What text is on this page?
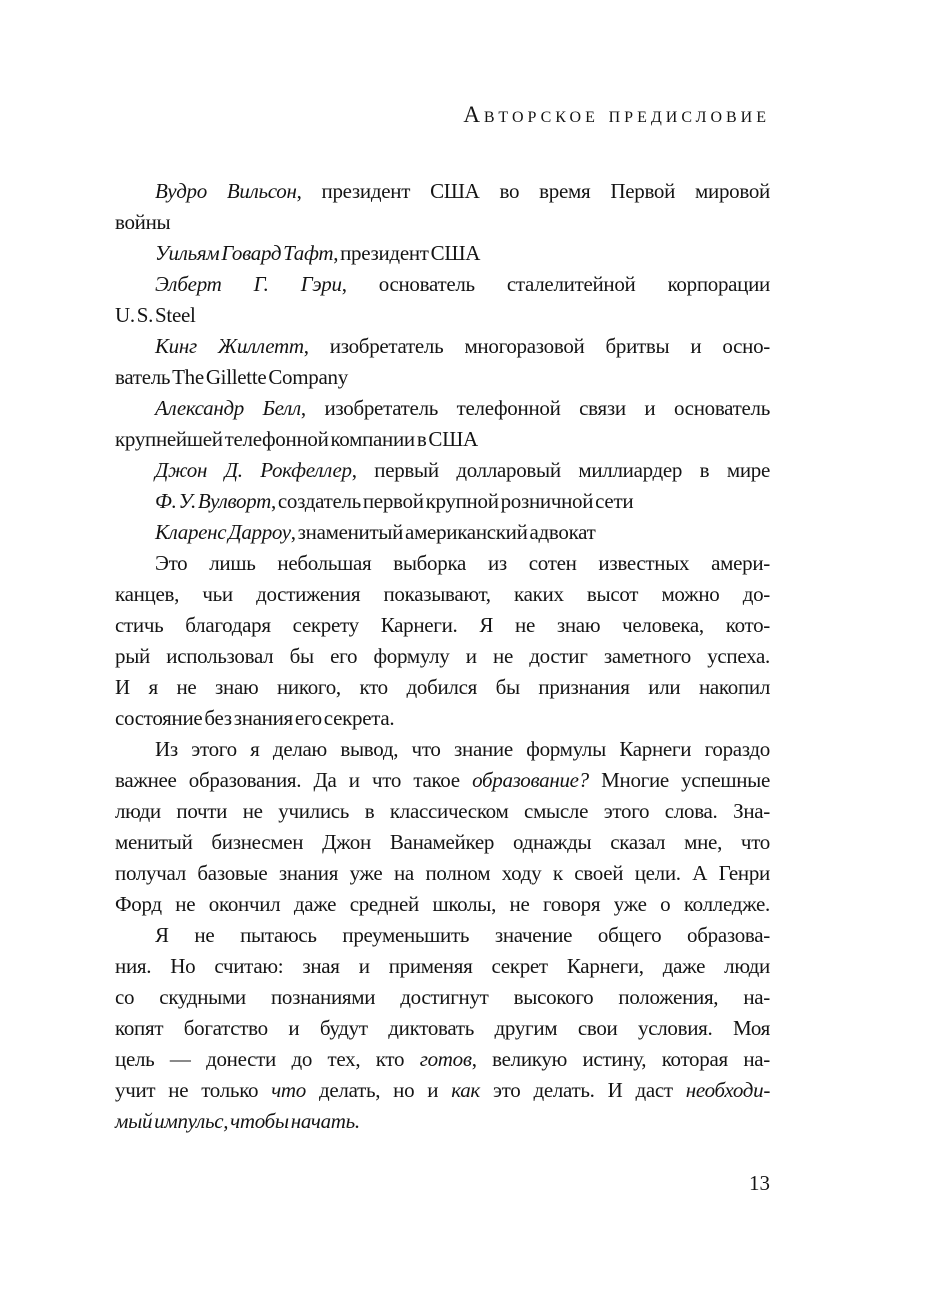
Авторское предисловие
Вудро Вильсон, президент США во время Первой мировой
войны
Уильям Говард Тафт, президент США
Элберт Г. Гэри, основатель сталелитейной корпорации
U. S. Steel
Кинг Жиллетт, изобретатель многоразовой бритвы и осно-
ватель The Gillette Company
Александр Белл, изобретатель телефонной связи и основатель
крупнейшей телефонной компании в США
Джон Д. Рокфеллер, первый долларовый миллиардер в мире
Ф. У. Вулворт, создатель первой крупной розничной сети
Кларенс Дарроу, знаменитый американский адвокат
Это лишь небольшая выборка из сотен известных амери-
канцев, чьи достижения показывают, каких высот можно до-
стичь благодаря секрету Карнеги. Я не знаю человека, кото-
рый использовал бы его формулу и не достиг заметного успеха.
И я не знаю никого, кто добился бы признания или накопил
состояние без знания его секрета.
Из этого я делаю вывод, что знание формулы Карнеги гораздо
важнее образования. Да и что такое образование? Многие успешные
люди почти не учились в классическом смысле этого слова. Зна-
менитый бизнесмен Джон Ванамейкер однажды сказал мне, что
получал базовые знания уже на полном ходу к своей цели. А Генри
Форд не окончил даже средней школы, не говоря уже о колледже.
Я не пытаюсь преуменьшить значение общего образова-
ния. Но считаю: зная и применяя секрет Карнеги, даже люди
со скудными познаниями достигнут высокого положения, на-
копят богатство и будут диктовать другим свои условия. Моя
цель — донести до тех, кто готов, великую истину, которая на-
учит не только что делать, но и как это делать. И даст необходи-
мый импульс, чтобы начать.
13
